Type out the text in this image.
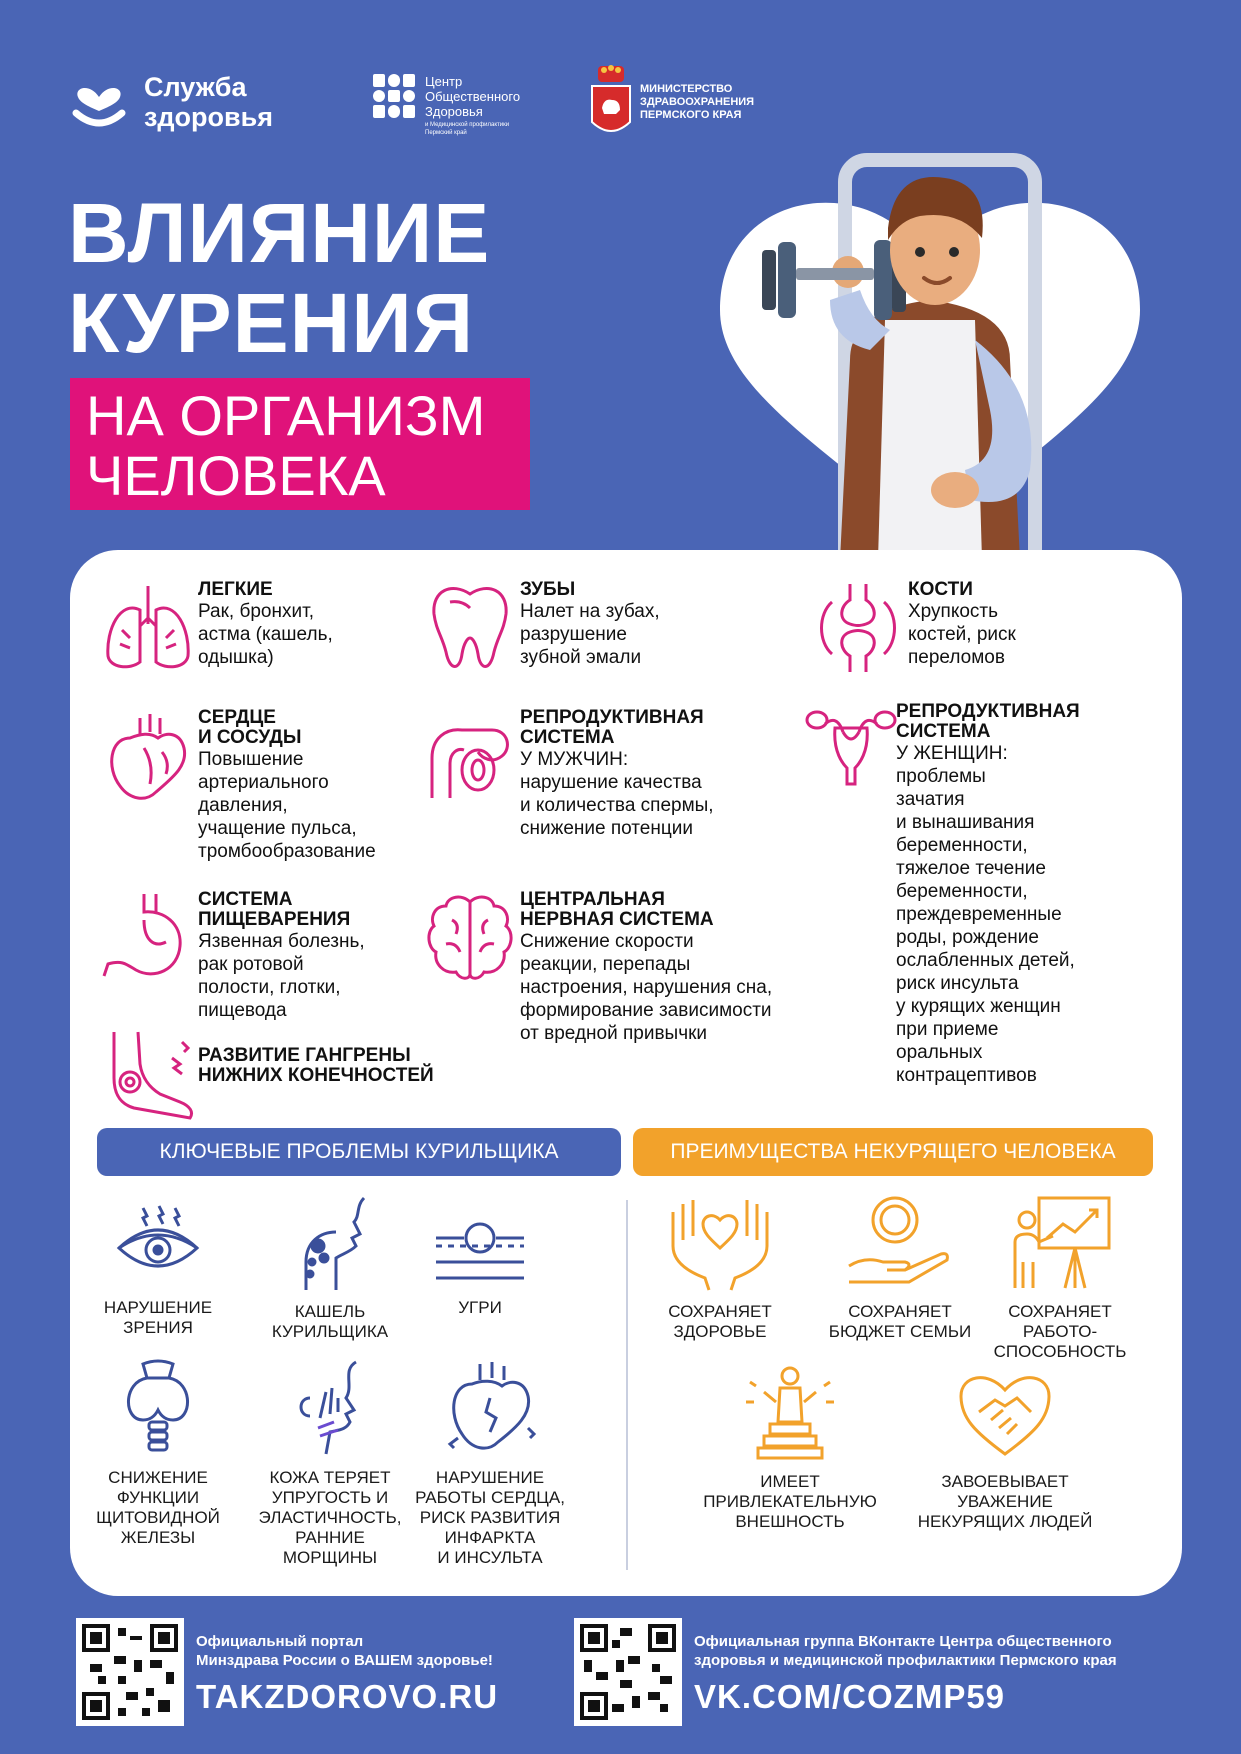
Служба
здоровья
Центр
Общественного
Здоровья
и Медицинской профилактики
Пермский край
МИНИСТЕРСТВО
ЗДРАВООХРАНЕНИЯ
ПЕРМСКОГО КРАЯ
ВЛИЯНИЕ
КУРЕНИЯ
НА ОРГАНИЗМ
ЧЕЛОВЕКА
ЛЕГКИЕ
Рак, бронхит,
астма (кашель,
одышка)
ЗУБЫ
Налет на зубах,
разрушение
зубной эмали
КОСТИ
Хрупкость
костей, риск
переломов
СЕРДЦЕ
И СОСУДЫ
Повышение
артериального
давления,
учащение пульса,
тромбообразование
РЕПРОДУКТИВНАЯ
СИСТЕМА
У МУЖЧИН:
нарушение качества
и количества спермы,
снижение потенции
РЕПРОДУКТИВНАЯ
СИСТЕМА
У ЖЕНЩИН:
проблемы
зачатия
и вынашивания
беременности,
тяжелое течение
беременности,
преждевременные
роды, рождение
ослабленных детей,
риск инсульта
у курящих женщин
при приеме
оральных
контрацептивов
СИСТЕМА
ПИЩЕВАРЕНИЯ
Язвенная болезнь,
рак ротовой
полости, глотки,
пищевода
ЦЕНТРАЛЬНАЯ
НЕРВНАЯ СИСТЕМА
Снижение скорости
реакции, перепады
настроения, нарушения сна,
формирование зависимости
от вредной привычки
РАЗВИТИЕ ГАНГРЕНЫ
НИЖНИХ КОНЕЧНОСТЕЙ
КЛЮЧЕВЫЕ ПРОБЛЕМЫ КУРИЛЬЩИКА	ПРЕИМУЩЕСТВА НЕКУРЯЩЕГО ЧЕЛОВЕКА
НАРУШЕНИЕ
ЗРЕНИЯ
КАШЕЛЬ
КУРИЛЬЩИКА
УГРИ
СНИЖЕНИЕ
ФУНКЦИИ
ЩИТОВИДНОЙ
ЖЕЛЕЗЫ
КОЖА ТЕРЯЕТ
УПРУГОСТЬ И
ЭЛАСТИЧНОСТЬ,
РАННИЕ
МОРЩИНЫ
НАРУШЕНИЕ
РАБОТЫ СЕРДЦА,
РИСК РАЗВИТИЯ
ИНФАРКТА
И ИНСУЛЬТА
СОХРАНЯЕТ
ЗДОРОВЬЕ
СОХРАНЯЕТ
БЮДЖЕТ СЕМЬИ
СОХРАНЯЕТ
РАБОТО-
СПОСОБНОСТЬ
ИМЕЕТ
ПРИВЛЕКАТЕЛЬНУЮ
ВНЕШНОСТЬ
ЗАВОЕВЫВАЕТ
УВАЖЕНИЕ
НЕКУРЯЩИХ ЛЮДЕЙ
Официальный портал
Минздрава России о ВАШЕМ здоровье!
TAKZDOROVO.RU
Официальная группа ВКонтакте Центра общественного
здоровья и медицинской профилактики Пермского края
VK.COM/COZMP59
